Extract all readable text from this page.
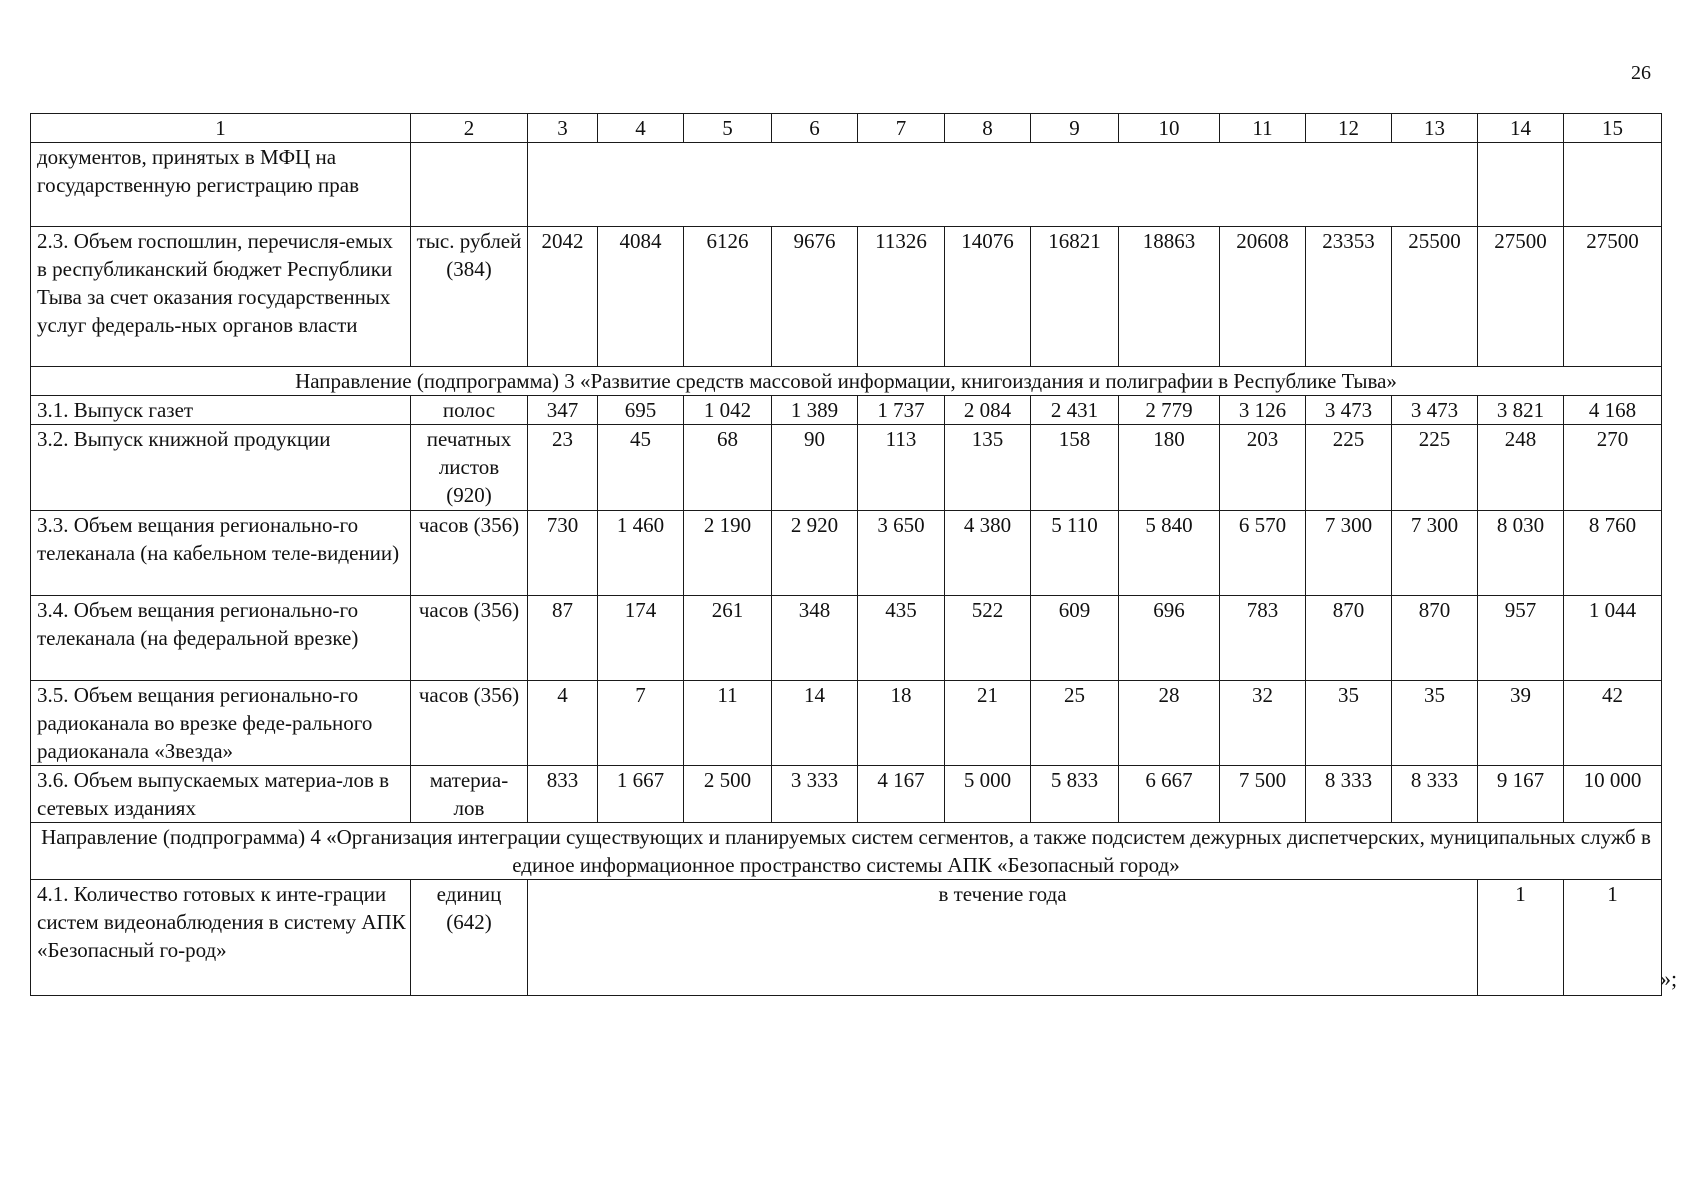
26
1	2	3	4	5	6	7	8	9	10	11	12	13	14	15
документов, принятых в МФЦ на государственную регистрацию прав														
2.3. Объем госпошлин, перечисля-емых в республиканский бюджет Республики Тыва за счет оказания государственных услуг федераль-ных органов власти	тыс. рублей (384)	2042	4084	6126	9676	11326	14076	16821	18863	20608	23353	25500	27500	27500
Направление (подпрограмма) 3 «Развитие средств массовой информации, книгоиздания и полиграфии в Республике Тыва»														
3.1. Выпуск газет	полос	347	695	1 042	1 389	1 737	2 084	2 431	2 779	3 126	3 473	3 473	3 821	4 168
3.2. Выпуск книжной продукции	печатных листов (920)	23	45	68	90	113	135	158	180	203	225	225	248	270
3.3. Объем вещания регионально-го телеканала (на кабельном теле-видении)	часов (356)	730	1 460	2 190	2 920	3 650	4 380	5 110	5 840	6 570	7 300	7 300	8 030	8 760
3.4. Объем вещания регионально-го телеканала (на федеральной врезке)	часов (356)	87	174	261	348	435	522	609	696	783	870	870	957	1 044
3.5. Объем вещания регионально-го радиоканала во врезке феде-рального радиоканала «Звезда»	часов (356)	4	7	11	14	18	21	25	28	32	35	35	39	42
3.6. Объем выпускаемых материа-лов в сетевых изданиях	материа-лов	833	1 667	2 500	3 333	4 167	5 000	5 833	6 667	7 500	8 333	8 333	9 167	10 000
Направление (подпрограмма) 4 «Организация интеграции существующих и планируемых систем сегментов, а также подсистем дежурных диспетчерских, муниципальных служб в единое информационное пространство системы АПК «Безопасный город»														
4.1. Количество готовых к инте-грации систем видеонаблюдения в систему АПК «Безопасный го-род»	единиц (642)	в течение года											1	1
»;
